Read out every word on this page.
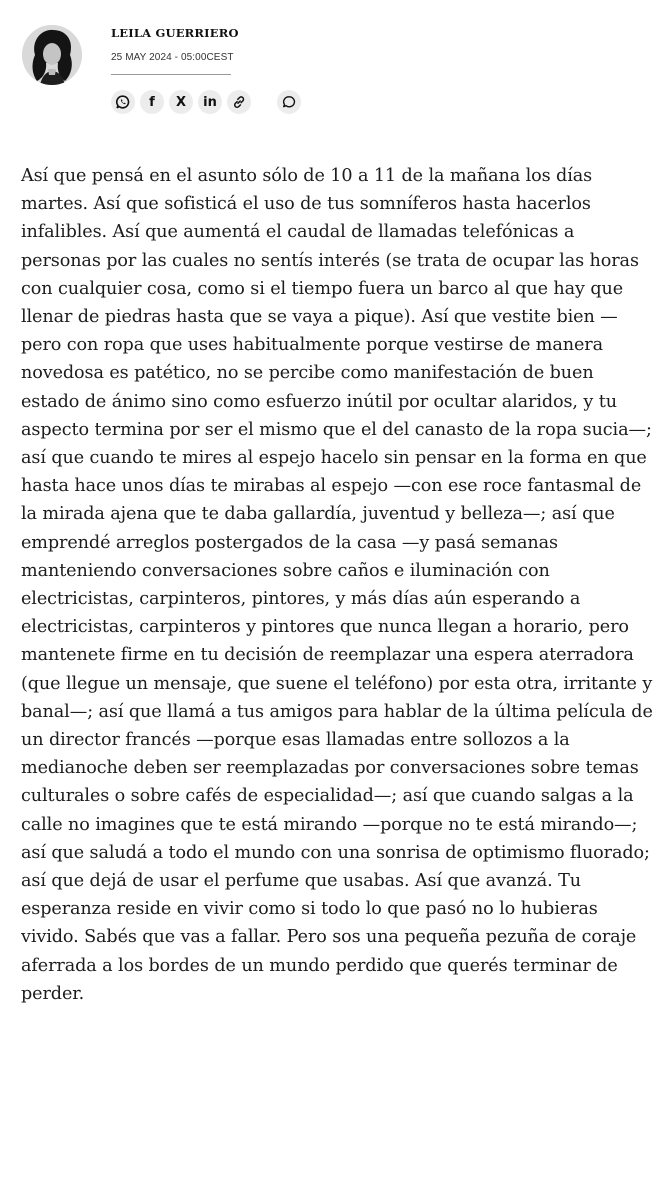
LEILA GUERRIERO
25 MAY 2024 - 05:00CEST
f X in

Así que pensá en el asunto sólo de 10 a 11 de la mañana los días martes. Así que sofisticá el uso de tus somníferos hasta hacerlos infalibles. Así que aumentá el caudal de llamadas telefónicas a personas por las cuales no sentís interés (se trata de ocupar las horas con cualquier cosa, como si el tiempo fuera un barco al que hay que llenar de piedras hasta que se vaya a pique). Así que vestite bien —pero con ropa que uses habitualmente porque vestirse de manera novedosa es patético, no se percibe como manifestación de buen estado de ánimo sino como esfuerzo inútil por ocultar alaridos, y tu aspecto termina por ser el mismo que el del canasto de la ropa sucia—; así que cuando te mires al espejo hacelo sin pensar en la forma en que hasta hace unos días te mirabas al espejo —con ese roce fantasmal de la mirada ajena que te daba gallardía, juventud y belleza—; así que emprendé arreglos postergados de la casa —y pasá semanas manteniendo conversaciones sobre caños e iluminación con electricistas, carpinteros, pintores, y más días aún esperando a electricistas, carpinteros y pintores que nunca llegan a horario, pero mantenete firme en tu decisión de reemplazar una espera aterradora (que llegue un mensaje, que suene el teléfono) por esta otra, irritante y banal—; así que llamá a tus amigos para hablar de la última película de un director francés —porque esas llamadas entre sollozos a la medianoche deben ser reemplazadas por conversaciones sobre temas culturales o sobre cafés de especialidad—; así que cuando salgas a la calle no imagines que te está mirando —porque no te está mirando—; así que saludá a todo el mundo con una sonrisa de optimismo fluorado; así que dejá de usar el perfume que usabas. Así que avanzá. Tu esperanza reside en vivir como si todo lo que pasó no lo hubieras vivido. Sabés que vas a fallar. Pero sos una pequeña pezuña de coraje aferrada a los bordes de un mundo perdido que querés terminar de perder.
